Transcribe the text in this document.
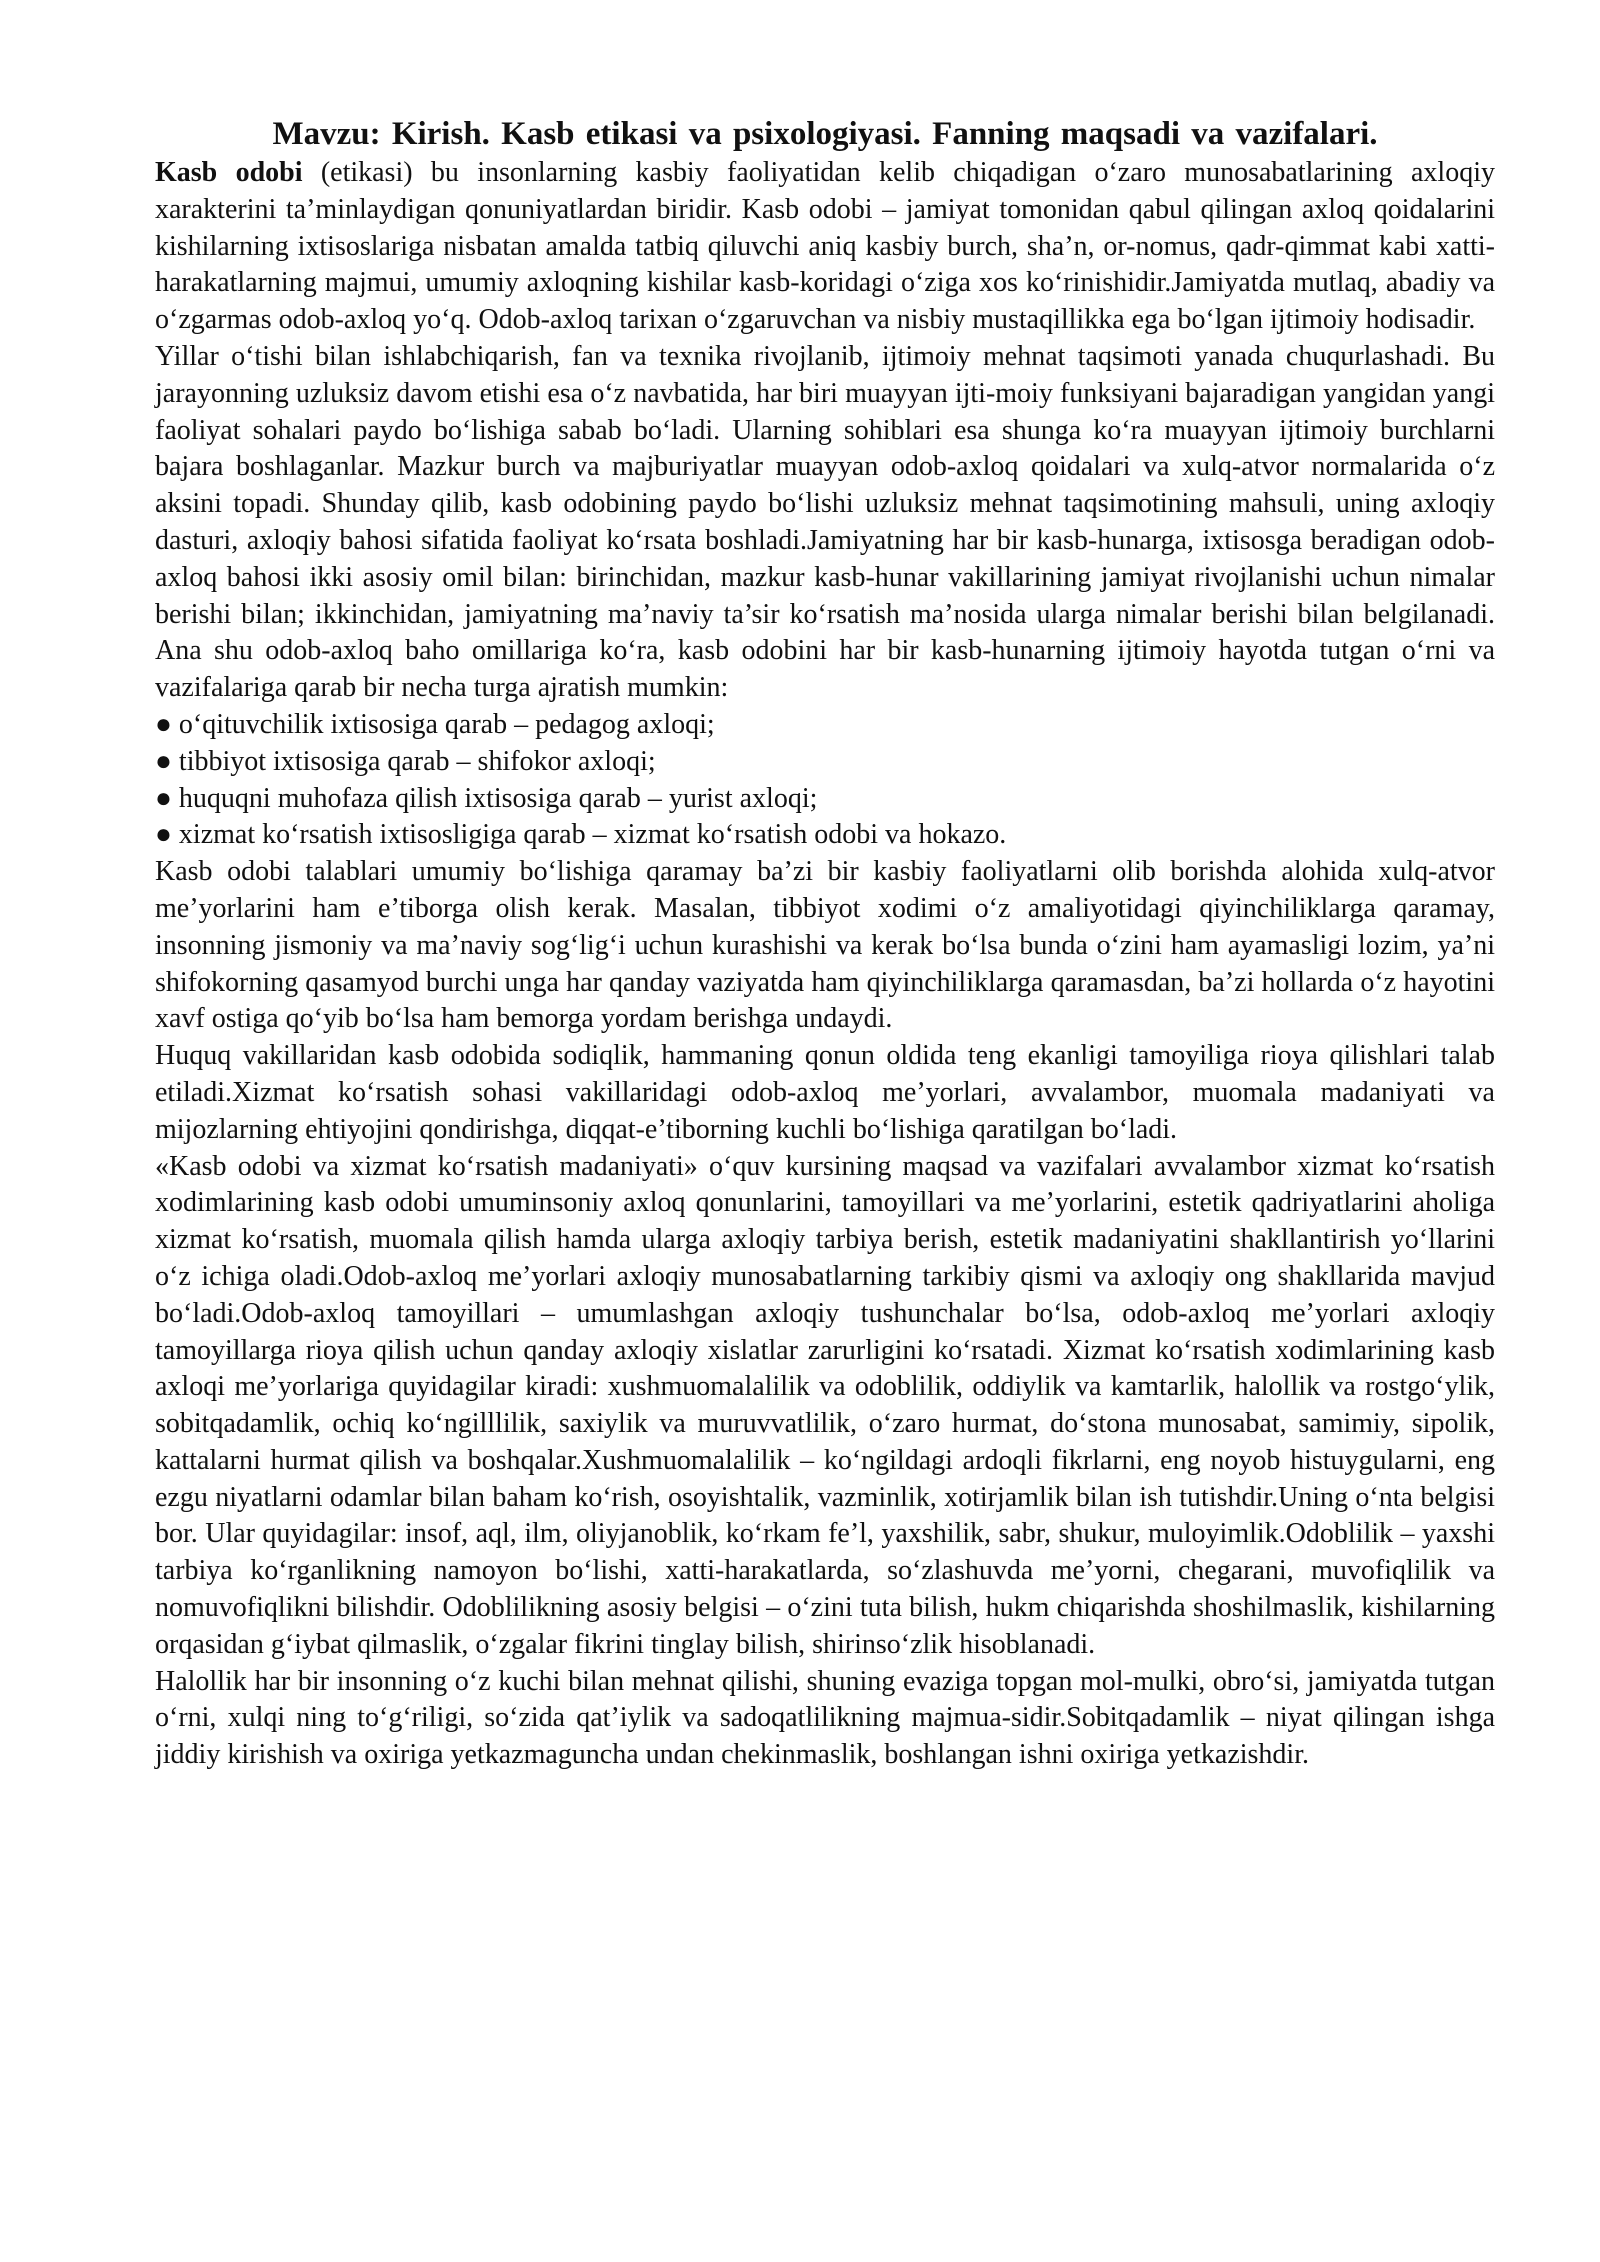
Mavzu: Kirish. Kasb etikasi va psixologiyasi. Fanning maqsadi va vazifalari.

Kasb odobi (etikasi) bu insonlarning kasbiy faoliyatidan kelib chiqadigan o‘zaro munosabatlarining axloqiy xarakterini ta’minlaydigan qonuniyatlardan biridir. Kasb odobi – jamiyat tomonidan qabul qilingan axloq qoidalarini kishilarning ixtisoslariga nisbatan amalda tatbiq qiluvchi aniq kasbiy burch, sha’n, or-nomus, qadr-qimmat kabi xatti-harakatlarning majmui, umumiy axloqning kishilar kasb-koridagi o‘ziga xos ko‘rinishidir.Jamiyatda mutlaq, abadiy va o‘zgarmas odob-axloq yo‘q. Odob-axloq tarixan o‘zgaruvchan va nisbiy mustaqillikka ega bo‘lgan ijtimoiy hodisadir.

Yillar o‘tishi bilan ishlabchiqarish, fan va texnika rivojlanib, ijtimoiy mehnat taqsimoti yanada chuqurlashadi. Bu jarayonning uzluksiz davom etishi esa o‘z navbatida, har biri muayyan ijti-moiy funksiyani bajaradigan yangidan yangi faoliyat sohalari paydo bo‘lishiga sabab bo‘ladi. Ularning sohiblari esa shunga ko‘ra muayyan ijtimoiy burchlarni bajara boshlaganlar. Mazkur burch va majburiyatlar muayyan odob-axloq qoidalari va xulq-atvor normalarida o‘z aksini topadi. Shunday qilib, kasb odobining paydo bo‘lishi uzluksiz mehnat taqsimotining mahsuli, uning axloqiy dasturi, axloqiy bahosi sifatida faoliyat ko‘rsata boshladi.Jamiyatning har bir kasb-hunarga, ixtisosga beradigan odob-axloq bahosi ikki asosiy omil bilan: birinchidan, mazkur kasb-hunar vakillarining jamiyat rivojlanishi uchun nimalar berishi bilan; ikkinchidan, jamiyatning ma’naviy ta’sir ko‘rsatish ma’nosida ularga nimalar berishi bilan belgilanadi. Ana shu odob-axloq baho omillariga ko‘ra, kasb odobini har bir kasb-hunarning ijtimoiy hayotda tutgan o‘rni va vazifalariga qarab bir necha turga ajratish mumkin:

● o‘qituvchilik ixtisosiga qarab – pedagog axloqi;
● tibbiyot ixtisosiga qarab – shifokor axloqi;
● huquqni muhofaza qilish ixtisosiga qarab – yurist axloqi;
● xizmat ko‘rsatish ixtisosligiga qarab – xizmat ko‘rsatish odobi va hokazo.

Kasb odobi talablari umumiy bo‘lishiga qaramay ba’zi bir kasbiy faoliyatlarni olib borishda alohida xulq-atvor me’yorlarini ham e’tiborga olish kerak. Masalan, tibbiyot xodimi o‘z amaliyotidagi qiyinchiliklarga qaramay, insonning jismoniy va ma’naviy sog‘lig‘i uchun kurashishi va kerak bo‘lsa bunda o‘zini ham ayamasligi lozim, ya’ni shifokorning qasamyod burchi unga har qanday vaziyatda ham qiyinchiliklarga qaramasdan, ba’zi hollarda o‘z hayotini xavf ostiga qo‘yib bo‘lsa ham bemorga yordam berishga undaydi.

Huquq vakillaridan kasb odobida sodiqlik, hammaning qonun oldida teng ekanligi tamoyiliga rioya qilishlari talab etiladi.Xizmat ko‘rsatish sohasi vakillaridagi odob-axloq me’yorlari, avvalambor, muomala madaniyati va mijozlarning ehtiyojini qondirishga, diqqat-e’tiborning kuchli bo‘lishiga qaratilgan bo‘ladi.

«Kasb odobi va xizmat ko‘rsatish madaniyati» o‘quv kursining maqsad va vazifalari avvalambor xizmat ko‘rsatish xodimlarining kasb odobi umuminsoniy axloq qonunlarini, tamoyillari va me’yorlarini, estetik qadriyatlarini aholiga xizmat ko‘rsatish, muomala qilish hamda ularga axloqiy tarbiya berish, estetik madaniyatini shakllantirish yo‘llarini o‘z ichiga oladi.Odob-axloq me’yorlari axloqiy munosabatlarning tarkibiy qismi va axloqiy ong shakllarida mavjud bo‘ladi.Odob-axloq tamoyillari – umumlashgan axloqiy tushunchalar bo‘lsa, odob-axloq me’yorlari axloqiy tamoyillarga rioya qilish uchun qanday axloqiy xislatlar zarurligini ko‘rsatadi. Xizmat ko‘rsatish xodimlarining kasb axloqi me’yorlariga quyidagilar kiradi: xushmuomalalilik va odoblilik, oddiylik va kamtarlik, halollik va rostgo‘ylik, sobitqadamlik, ochiq ko‘ngilllilik, saxiylik va muruvvatlilik, o‘zaro hurmat, do‘stona munosabat, samimiy, sipolik, kattalarni hurmat qilish va boshqalar.Xushmuomalalilik – ko‘ngildagi ardoqli fikrlarni, eng noyob histuygularni, eng ezgu niyatlarni odamlar bilan baham ko‘rish, osoyishtalik, vazminlik, xotirjamlik bilan ish tutishdir.Uning o‘nta belgisi bor. Ular quyidagilar: insof, aql, ilm, oliyjanoblik, ko‘rkam fe’l, yaxshilik, sabr, shukur, muloyimlik.Odoblilik – yaxshi tarbiya ko‘rganlikning namoyon bo‘lishi, xatti-harakatlarda, so‘zlashuvda me’yorni, chegarani, muvofiqlilik va nomuvofiqlikni bilishdir. Odoblilikning asosiy belgisi – o‘zini tuta bilish, hukm chiqarishda shoshilmaslik, kishilarning orqasidan g‘iybat qilmaslik, o‘zgalar fikrini tinglay bilish, shirinso‘zlik hisoblanadi.

Halollik har bir insonning o‘z kuchi bilan mehnat qilishi, shuning evaziga topgan mol-mulki, obro‘si, jamiyatda tutgan o‘rni, xulqi ning to‘g‘riligi, so‘zida qat’iylik va sadoqatlilikning majmua-sidir.Sobitqadamlik – niyat qilingan ishga jiddiy kirishish va oxiriga yetkazmaguncha undan chekinmaslik, boshlangan ishni oxiriga yetkazishdir.
